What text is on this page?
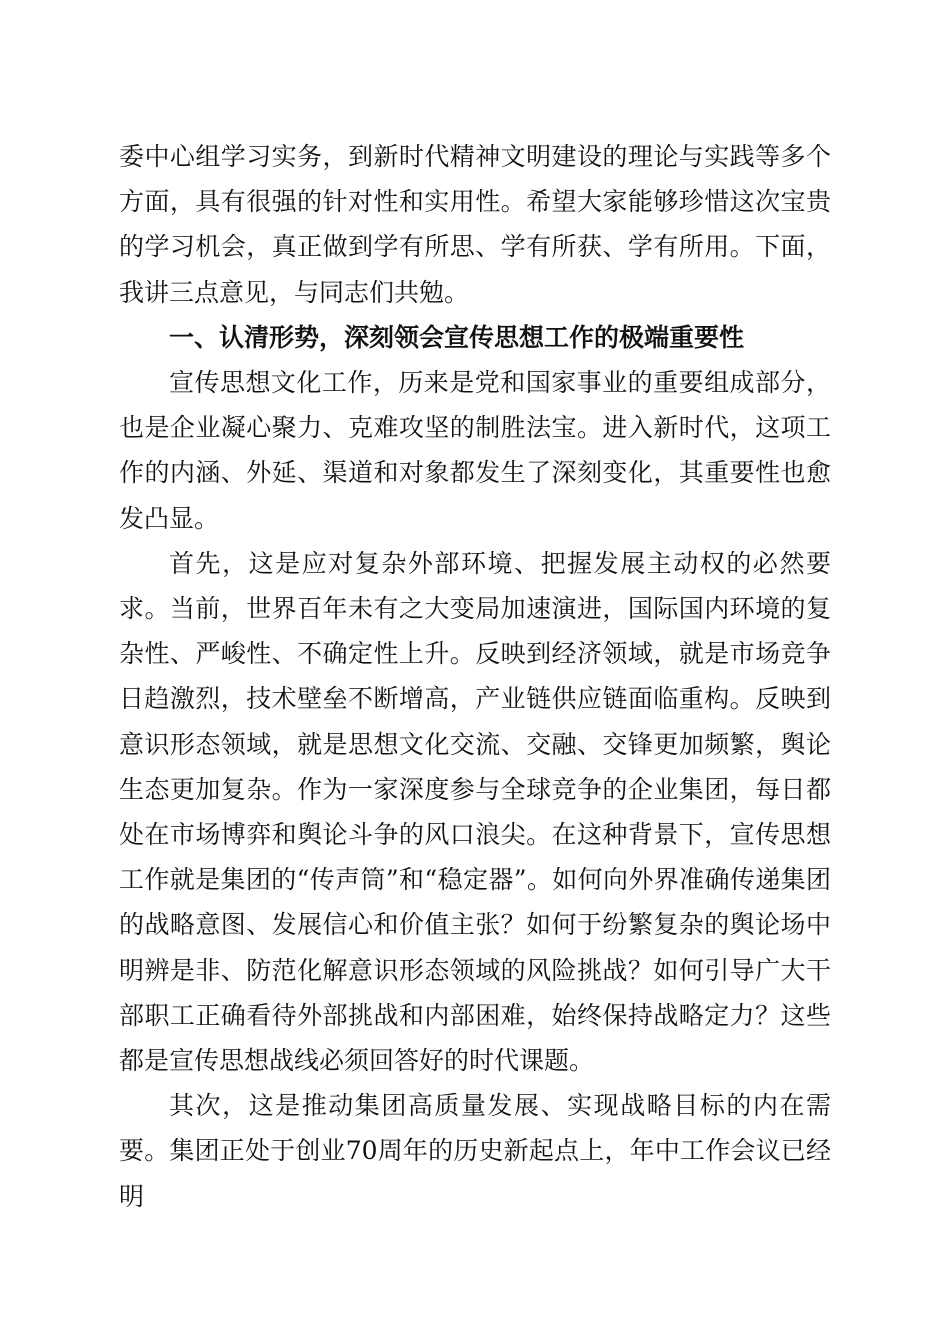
委中心组学习实务，到新时代精神文明建设的理论与实践等多个方面，具有很强的针对性和实用性。希望大家能够珍惜这次宝贵的学习机会，真正做到学有所思、学有所获、学有所用。下面，我讲三点意见，与同志们共勉。

一、认清形势，深刻领会宣传思想工作的极端重要性

宣传思想文化工作，历来是党和国家事业的重要组成部分，也是企业凝心聚力、克难攻坚的制胜法宝。进入新时代，这项工作的内涵、外延、渠道和对象都发生了深刻变化，其重要性也愈发凸显。

首先，这是应对复杂外部环境、把握发展主动权的必然要求。当前，世界百年未有之大变局加速演进，国际国内环境的复杂性、严峻性、不确定性上升。反映到经济领域，就是市场竞争日趋激烈，技术壁垒不断增高，产业链供应链面临重构。反映到意识形态领域，就是思想文化交流、交融、交锋更加频繁，舆论生态更加复杂。作为一家深度参与全球竞争的企业集团，每日都处在市场博弈和舆论斗争的风口浪尖。在这种背景下，宣传思想工作就是集团的“传声筒”和“稳定器”。如何向外界准确传递集团的战略意图、发展信心和价值主张？如何于纷繁复杂的舆论场中明辨是非、防范化解意识形态领域的风险挑战？如何引导广大干部职工正确看待外部挑战和内部困难，始终保持战略定力？这些都是宣传思想战线必须回答好的时代课题。

其次，这是推动集团高质量发展、实现战略目标的内在需要。集团正处于创业70周年的历史新起点上，年中工作会议已经明
